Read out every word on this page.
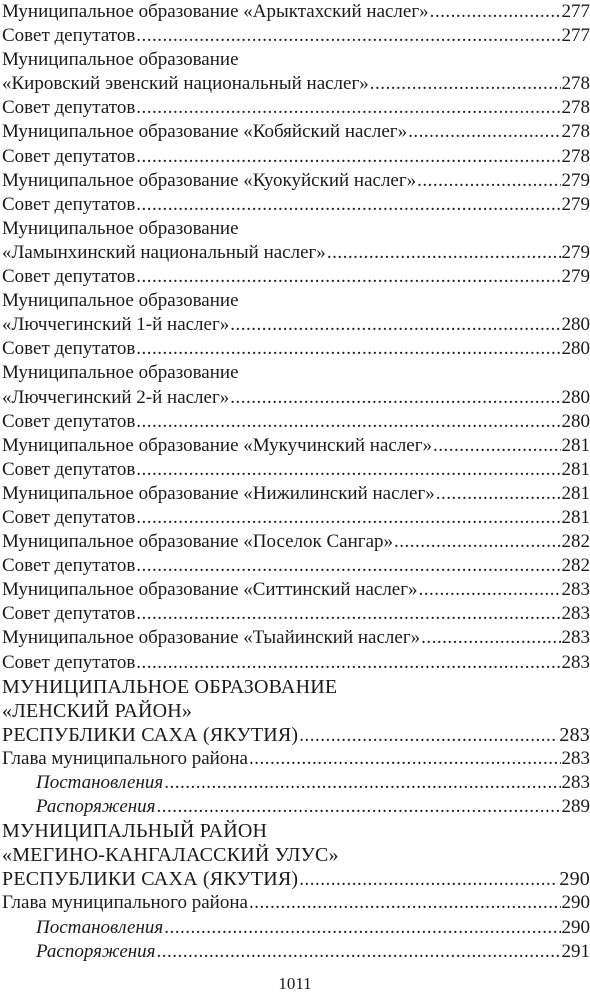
Муниципальное образование «Арыктахский наслег» .....	277
Совет депутатов .....	277
Муниципальное образование
«Кировский эвенский национальный наслег» .....	278
Совет депутатов .....	278
Муниципальное образование «Кобяйский наслег» .....	278
Совет депутатов .....	278
Муниципальное образование «Куокуйский наслег» .....	279
Совет депутатов .....	279
Муниципальное образование
«Ламынхинский национальный наслег» .....	279
Совет депутатов .....	279
Муниципальное образование
«Люччегинский 1-й наслег» .....	280
Совет депутатов .....	280
Муниципальное образование
«Люччегинский 2-й наслег» .....	280
Совет депутатов .....	280
Муниципальное образование «Мукучинский наслег» .....	281
Совет депутатов .....	281
Муниципальное образование «Нижилинский наслег» .....	281
Совет депутатов .....	281
Муниципальное образование «Поселок Сангар» .....	282
Совет депутатов .....	282
Муниципальное образование «Ситтинский наслег» .....	283
Совет депутатов .....	283
Муниципальное образование «Тыайинский наслег» .....	283
Совет депутатов .....	283
МУНИЦИПАЛЬНОЕ ОБРАЗОВАНИЕ
«ЛЕНСКИЙ РАЙОН»
РЕСПУБЛИКИ САХА (ЯКУТИЯ) .....	283
Глава муниципального района .....	283
Постановления .....	283
Распоряжения .....	289
МУНИЦИПАЛЬНЫЙ РАЙОН
«МЕГИНО-КАНГАЛАССКИЙ УЛУС»
РЕСПУБЛИКИ САХА (ЯКУТИЯ) .....	290
Глава муниципального района .....	290
Постановления .....	290
Распоряжения .....	291
1011
